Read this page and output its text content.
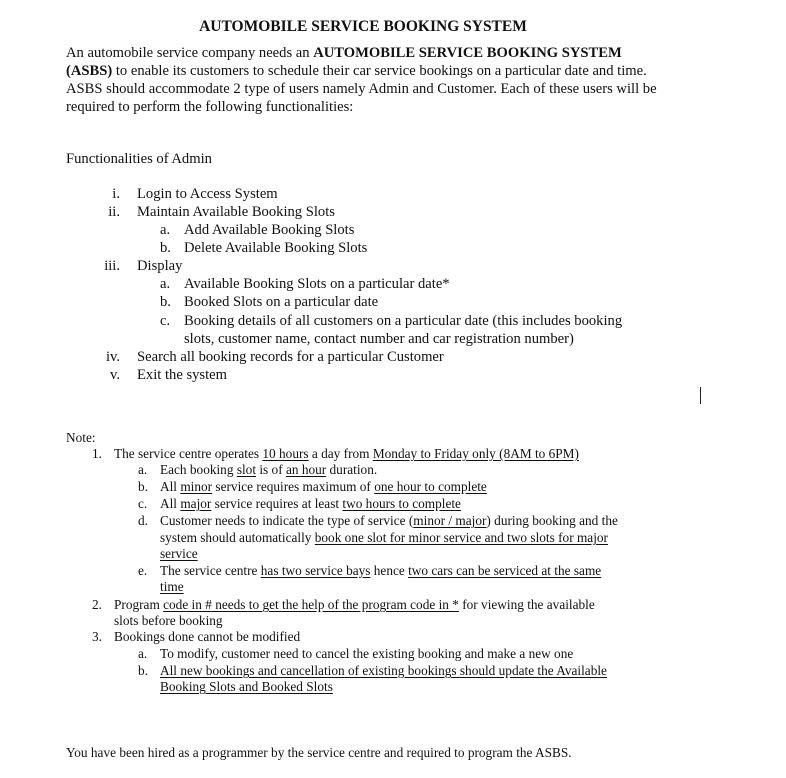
AUTOMOBILE SERVICE BOOKING SYSTEM
An automobile service company needs an AUTOMOBILE SERVICE BOOKING SYSTEM
(ASBS) to enable its customers to schedule their car service bookings on a particular date and time. ASBS should accommodate 2 type of users namely Admin and Customer. Each of these users will be required to perform the following functionalities:
Functionalities of Admin
i. Login to Access System
ii. Maintain Available Booking Slots
a. Add Available Booking Slots
b. Delete Available Booking Slots
iii. Display
a. Available Booking Slots on a particular date*
b. Booked Slots on a particular date
c. Booking details of all customers on a particular date (this includes booking
slots, customer name, contact number and car registration number)
iv. Search all booking records for a particular Customer
v. Exit the system
Note:
1. The service centre operates 10 hours a day from Monday to Friday only (8AM to 6PM)
a. Each booking slot is of an hour duration.
b. All minor service requires maximum of one hour to complete
c. All major service requires at least two hours to complete
d. Customer needs to indicate the type of service (minor / major) during booking and the
system should automatically book one slot for minor service and two slots for major
service
e. The service centre has two service bays hence two cars can be serviced at the same
time
2. Program code in # needs to get the help of the program code in * for viewing the available
slots before booking
3. Bookings done cannot be modified
a. To modify, customer need to cancel the existing booking and make a new one
b. All new bookings and cancellation of existing bookings should update the Available
Booking Slots and Booked Slots
You have been hired as a programmer by the service centre and required to program the ASBS.
